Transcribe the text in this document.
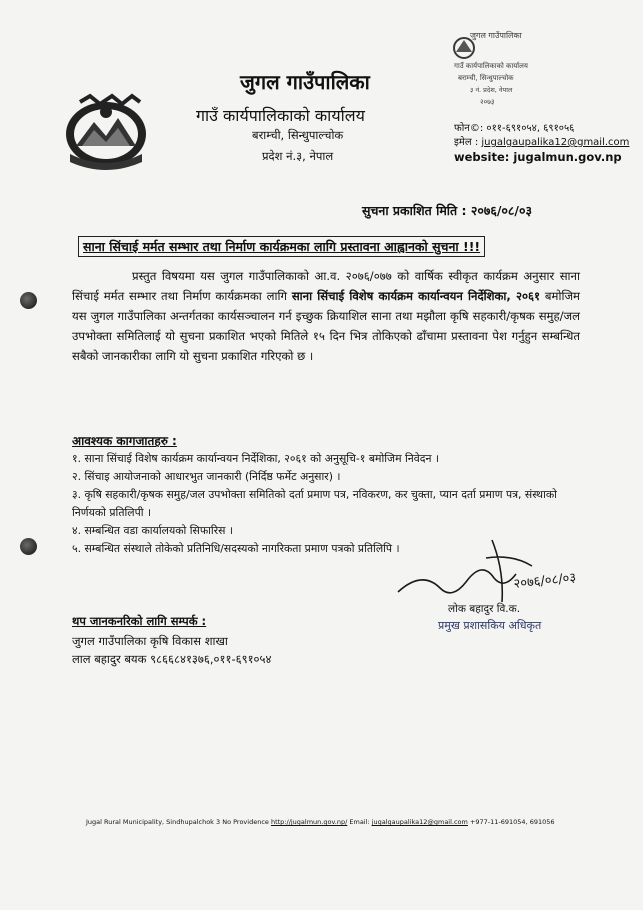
जुगल गाउँपालिका
गाउँ कार्यपालिकाको कार्यालय
बराम्ची, सिन्धुपाल्चोक
३ नं. प्रदेश, नेपाल
२०७३
जुगल गाउँपालिका
गाउँ कार्यपालिकाको कार्यालय
बराम्ची, सिन्धुपाल्चोक
प्रदेश नं.३, नेपाल
फोन©: ०११-६९१०५४, ६९१०५६
इमेल : jugalgaupalika12@gmail.com
website: jugalmun.gov.np
सुचना प्रकाशित मिति : २०७६/०८/०३
साना सिंचाई मर्मत सम्भार तथा निर्माण कार्यक्रमका लागि प्रस्तावना आह्वानको सुचना !!!
प्रस्तुत विषयमा यस जुगल गाउँपालिकाको आ.व. २०७६/०७७ को वार्षिक स्वीकृत कार्यक्रम अनुसार साना सिंचाई मर्मत सम्भार तथा निर्माण कार्यक्रमका लागि साना सिंचाई विशेष कार्यक्रम कार्यान्वयन निर्देशिका, २०६१ बमोजिम यस जुगल गाउँपालिका अन्तर्गतका कार्यसञ्चालन गर्न इच्छुक क्रियाशिल साना तथा मझौला कृषि सहकारी/कृषक समुह/जल उपभोक्ता समितिलाई यो सुचना प्रकाशित भएको मितिले १५ दिन भित्र तोकिएको ढाँचामा प्रस्तावना पेश गर्नुहुन सम्बन्धित सबैको जानकारीका लागि यो सुचना प्रकाशित गरिएको छ ।
आवश्यक कागजातहरु :
१. साना सिंचाई विशेष कार्यक्रम कार्यान्वयन निर्देशिका, २०६१ को अनुसूचि-१ बमोजिम निवेदन ।
२. सिंचाइ आयोजनाको आधारभुत जानकारी (निर्दिष्ठ फर्मेट अनुसार) ।
३. कृषि सहकारी/कृषक समुह/जल उपभोक्ता समितिको दर्ता प्रमाण पत्र, नविकरण, कर चुक्ता, प्यान दर्ता प्रमाण पत्र, संस्थाको निर्णयको प्रतिलिपी ।
४. सम्बन्धित वडा कार्यालयको सिफारिस ।
५. सम्बन्धित संस्थाले तोकेको प्रतिनिधि/सदस्यको नागरिकता प्रमाण पत्रको प्रतिलिपि ।
२०७६/०८/०३
लोक बहादुर वि.क.
प्रमुख प्रशासकिय अधिकृत
थप जानकनरिको लागि सम्पर्क :
जुगल गाउँपालिका कृषि विकास शाखा
लाल बहादुर बयक ९८६६८४१३७६,०११-६९१०५४
Jugal Rural Municipality, Sindhupalchok 3 No Providence http://jugalmun.gov.np/ Email: jugalgaupalika12@gmail.com +977-11-691054, 691056
